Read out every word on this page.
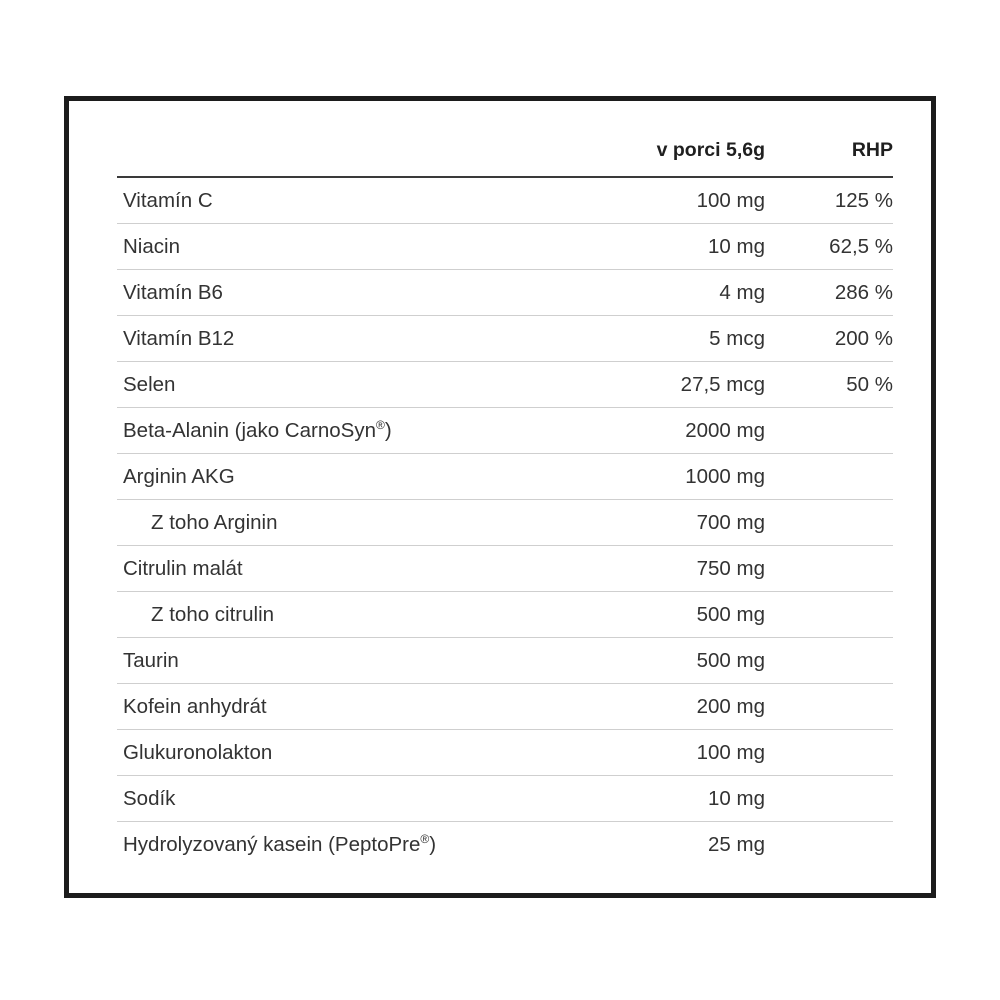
	v porci 5,6g	RHP
Vitamín C	100 mg	125 %
Niacin	10 mg	62,5 %
Vitamín B6	4 mg	286 %
Vitamín B12	5 mcg	200 %
Selen	27,5 mcg	50 %
Beta-Alanin (jako CarnoSyn®)	2000 mg	
Arginin AKG	1000 mg	
Z toho Arginin	700 mg	
Citrulin malát	750 mg	
Z toho citrulin	500 mg	
Taurin	500 mg	
Kofein anhydrát	200 mg	
Glukuronolakton	100 mg	
Sodík	10 mg	
Hydrolyzovaný kasein (PeptoPre®)	25 mg	
